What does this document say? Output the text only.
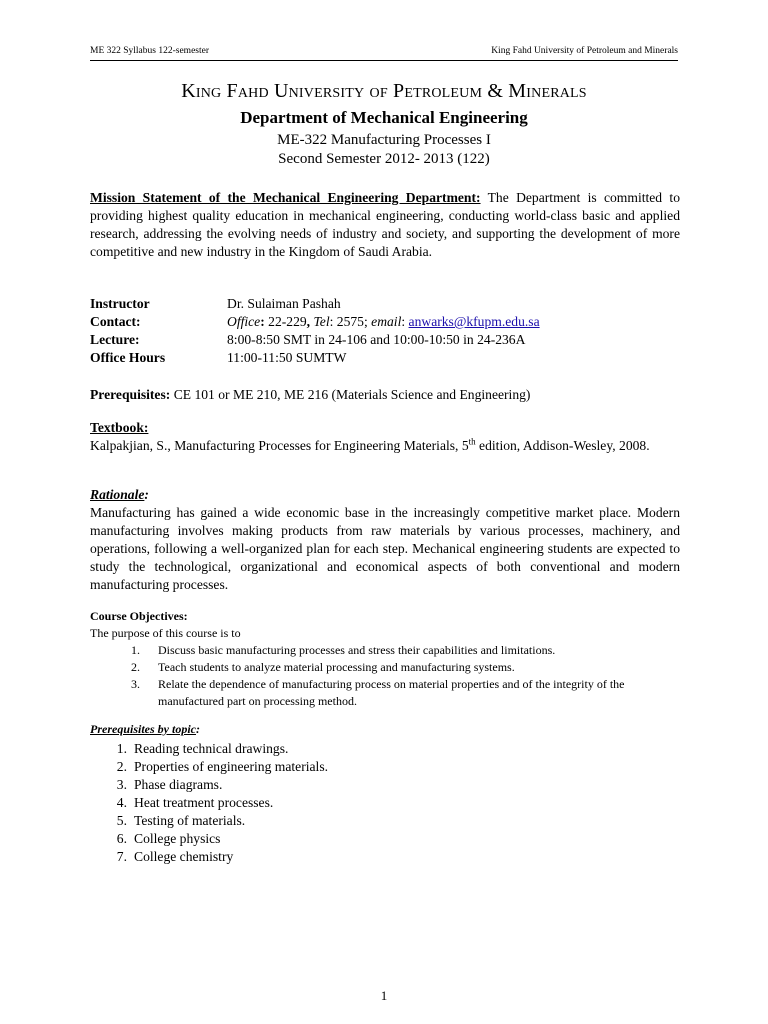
ME 322 Syllabus 122-semester	King Fahd University of Petroleum and Minerals
King Fahd University of Petroleum & Minerals
Department of Mechanical Engineering
ME-322 Manufacturing Processes I
Second Semester 2012- 2013 (122)
Mission Statement of the Mechanical Engineering Department: The Department is committed to providing highest quality education in mechanical engineering, conducting world-class basic and applied research, addressing the evolving needs of industry and society, and supporting the development of more competitive and new industry in the Kingdom of Saudi Arabia.
Instructor	Dr. Sulaiman Pashah
Contact:	Office: 22-229, Tel: 2575; email: anwarks@kfupm.edu.sa
Lecture:	8:00-8:50 SMT in 24-106 and 10:00-10:50 in 24-236A
Office Hours	11:00-11:50 SUMTW
Prerequisites: CE 101 or ME 210, ME 216 (Materials Science and Engineering)
Textbook:
Kalpakjian, S., Manufacturing Processes for Engineering Materials, 5th edition, Addison-Wesley, 2008.
Rationale:
Manufacturing has gained a wide economic base in the increasingly competitive market place. Modern manufacturing involves making products from raw materials by various processes, machinery, and operations, following a well-organized plan for each step. Mechanical engineering students are expected to study the technological, organizational and economical aspects of both conventional and modern manufacturing processes.
Course Objectives:
The purpose of this course is to
1.	Discuss basic manufacturing processes and stress their capabilities and limitations.
2.	Teach students to analyze material processing and manufacturing systems.
3.	Relate the dependence of manufacturing process on material properties and of the integrity of the manufactured part on processing method.
Prerequisites by topic:
1. Reading technical drawings.
2. Properties of engineering materials.
3. Phase diagrams.
4. Heat treatment processes.
5. Testing of materials.
6. College physics
7. College chemistry
1
